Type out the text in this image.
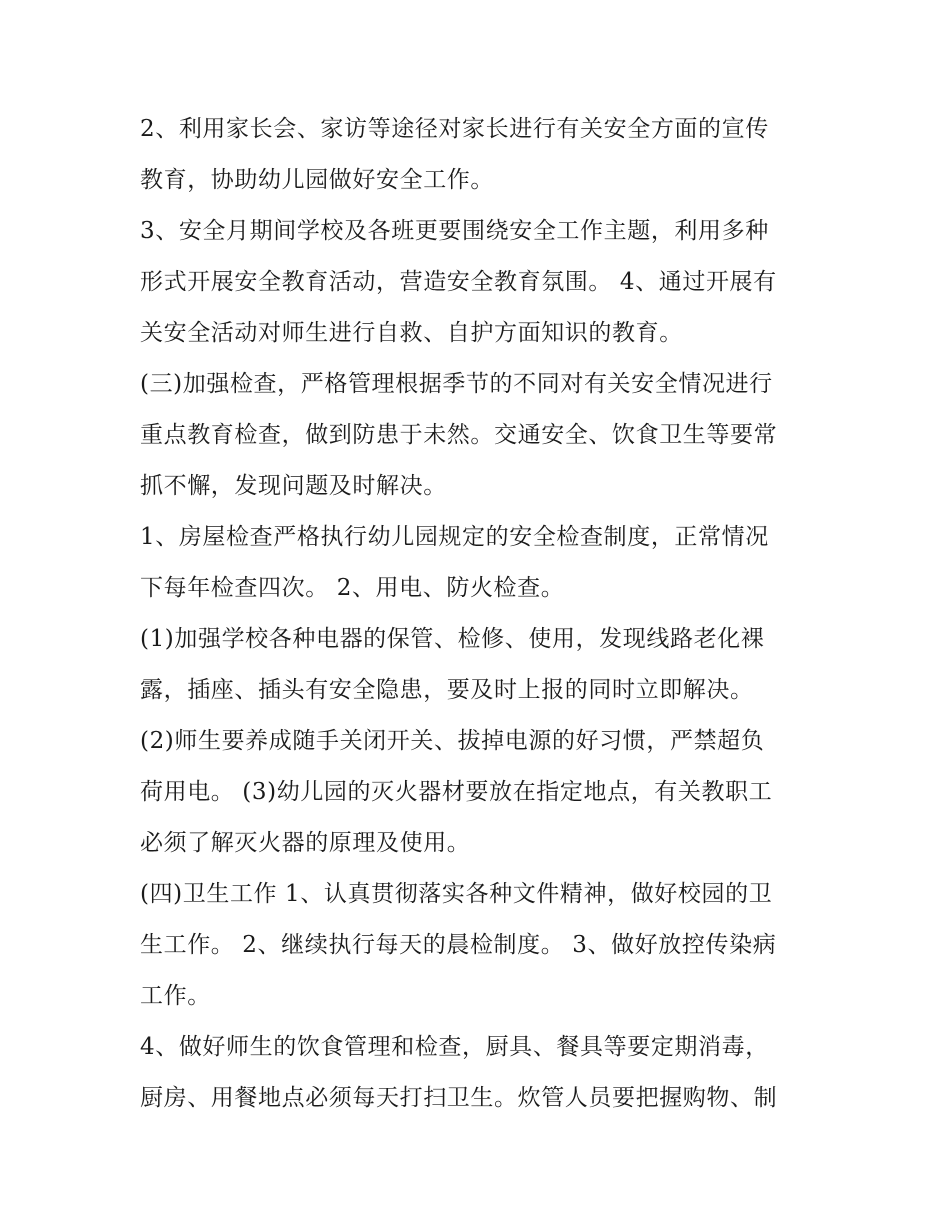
2、利用家长会、家访等途径对家长进行有关安全方面的宣传
教育，协助幼儿园做好安全工作。
3、安全月期间学校及各班更要围绕安全工作主题，利用多种
形式开展安全教育活动，营造安全教育氛围。 4、通过开展有
关安全活动对师生进行自救、自护方面知识的教育。
(三)加强检查，严格管理根据季节的不同对有关安全情况进行
重点教育检查，做到防患于未然。交通安全、饮食卫生等要常
抓不懈，发现问题及时解决。
1、房屋检查严格执行幼儿园规定的安全检查制度，正常情况
下每年检查四次。 2、用电、防火检查。
(1)加强学校各种电器的保管、检修、使用，发现线路老化裸
露，插座、插头有安全隐患，要及时上报的同时立即解决。
(2)师生要养成随手关闭开关、拔掉电源的好习惯，严禁超负
荷用电。 (3)幼儿园的灭火器材要放在指定地点，有关教职工
必须了解灭火器的原理及使用。
(四)卫生工作 1、认真贯彻落实各种文件精神，做好校园的卫
生工作。 2、继续执行每天的晨检制度。 3、做好放控传染病
工作。
4、做好师生的饮食管理和检查，厨具、餐具等要定期消毒，
厨房、用餐地点必须每天打扫卫生。炊管人员要把握购物、制
